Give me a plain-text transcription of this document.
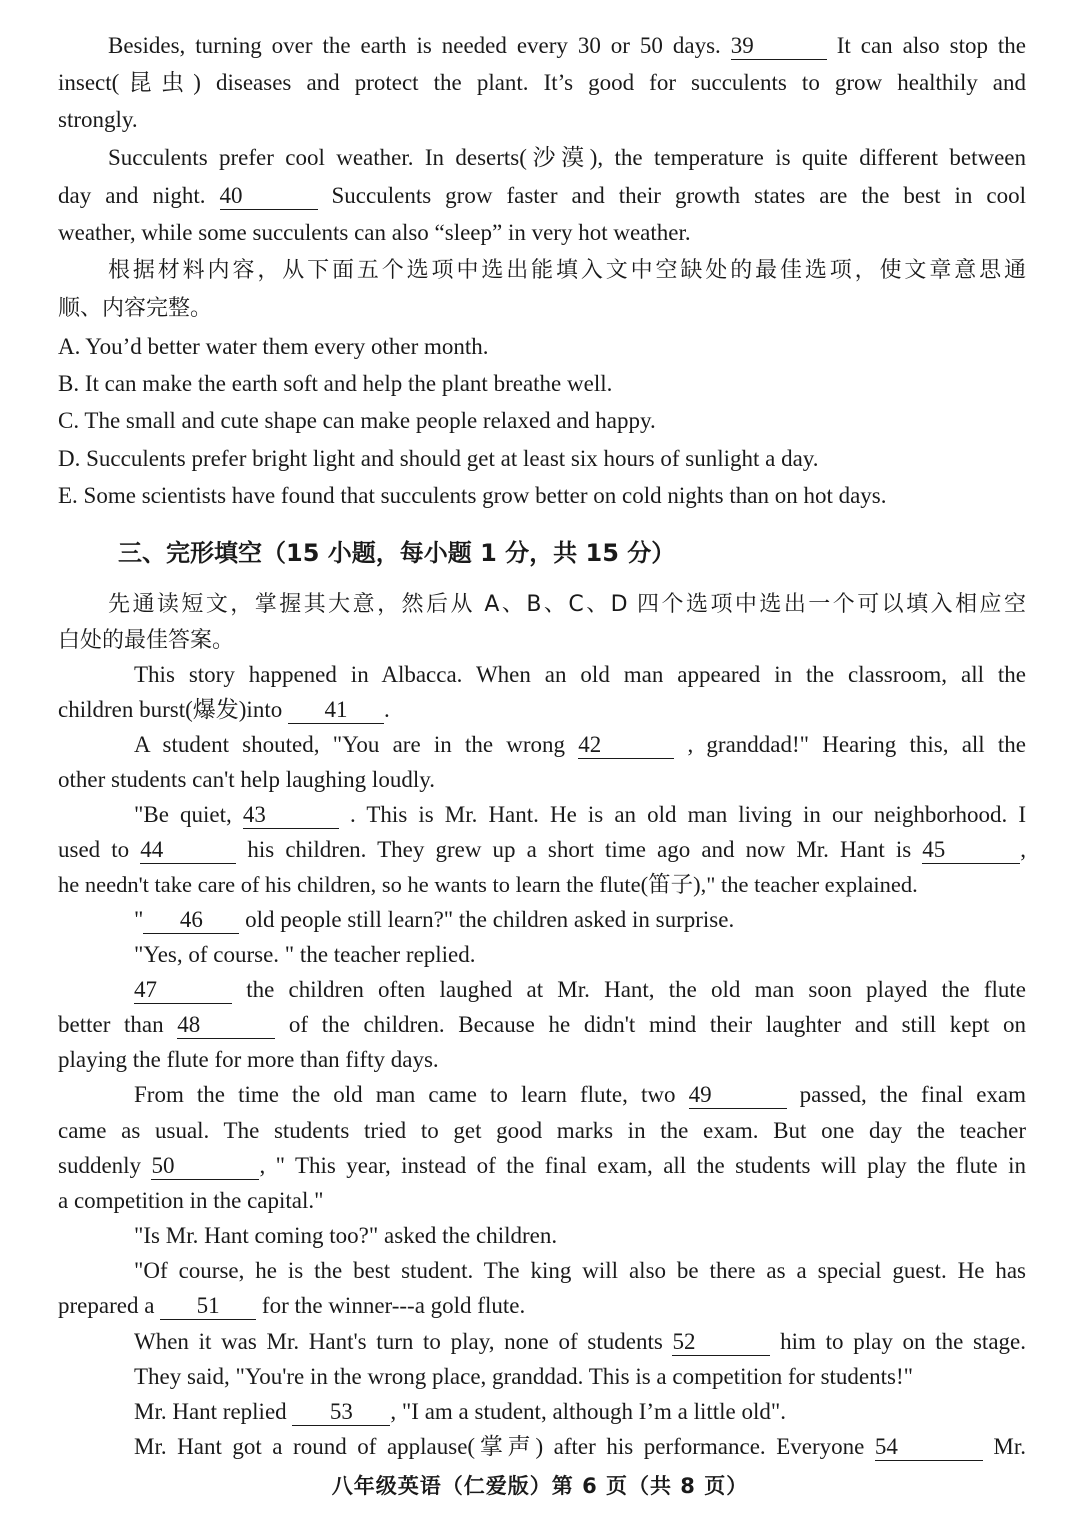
Besides, turning over the earth is needed every 30 or 50 days. 39	It can also stop the

insect(昆虫) diseases and protect the plant. It’s good for succulents to grow healthily and

strongly.

Succulents prefer cool weather. In deserts(沙漠), the temperature is quite different between

day and night. 40	Succulents grow faster and their growth states are the best in cool

weather, while some succulents can also “sleep” in very hot weather.

根据材料内容，从下面五个选项中选出能填入文中空缺处的最佳选项，使文章意思通

顺、内容完整。

A. You’d better water them every other month.

B. It can make the earth soft and help the plant breathe well.

C. The small and cute shape can make people relaxed and happy.

D. Succulents prefer bright light and should get at least six hours of sunlight a day.

E. Some scientists have found that succulents grow better on cold nights than on hot days.

三、完形填空（15 小题，每小题 1 分，共 15 分）

先通读短文，掌握其大意，然后从 A、B、C、D 四个选项中选出一个可以填入相应空

白处的最佳答案。

This story happened in Albacca. When an old man appeared in the classroom, all the

children burst(爆发)into 41 .

A student shouted, "You are in the wrong 42	, granddad!" Hearing this, all the

other students can't help laughing loudly.

"Be quiet, 43	. This is Mr. Hant. He is an old man living in our neighborhood. I

used to 44	his children. They grew up a short time ago and now Mr. Hant is 45	,

he needn't take care of his children, so he wants to learn the flute(笛子)," the teacher explained.

" 46 old people still learn?" the children asked in surprise.

"Yes, of course. " the teacher replied.

47	the children often laughed at Mr. Hant, the old man soon played the flute

better than 48	of the children. Because he didn't mind their laughter and still kept on

playing the flute for more than fifty days.

From the time the old man came to learn flute, two 49	passed, the final exam

came as usual. The students tried to get good marks in the exam. But one day the teacher

suddenly 50	, " This year, instead of the final exam, all the students will play the flute in

a competition in the capital."

"Is Mr. Hant coming too?" asked the children.

"Of course, he is the best student. The king will also be there as a special guest. He has

prepared a 51 for the winner---a gold flute.

When it was Mr. Hant's turn to play, none of students 52	him to play on the stage.

They said, "You're in the wrong place, granddad. This is a competition for students!"

Mr. Hant replied 53 , "I am a student, although I’m a little old".

Mr. Hant got a round of applause(掌声) after his performance. Everyone 54	Mr.

八年级英语（仁爱版）第 6 页（共 8 页）
